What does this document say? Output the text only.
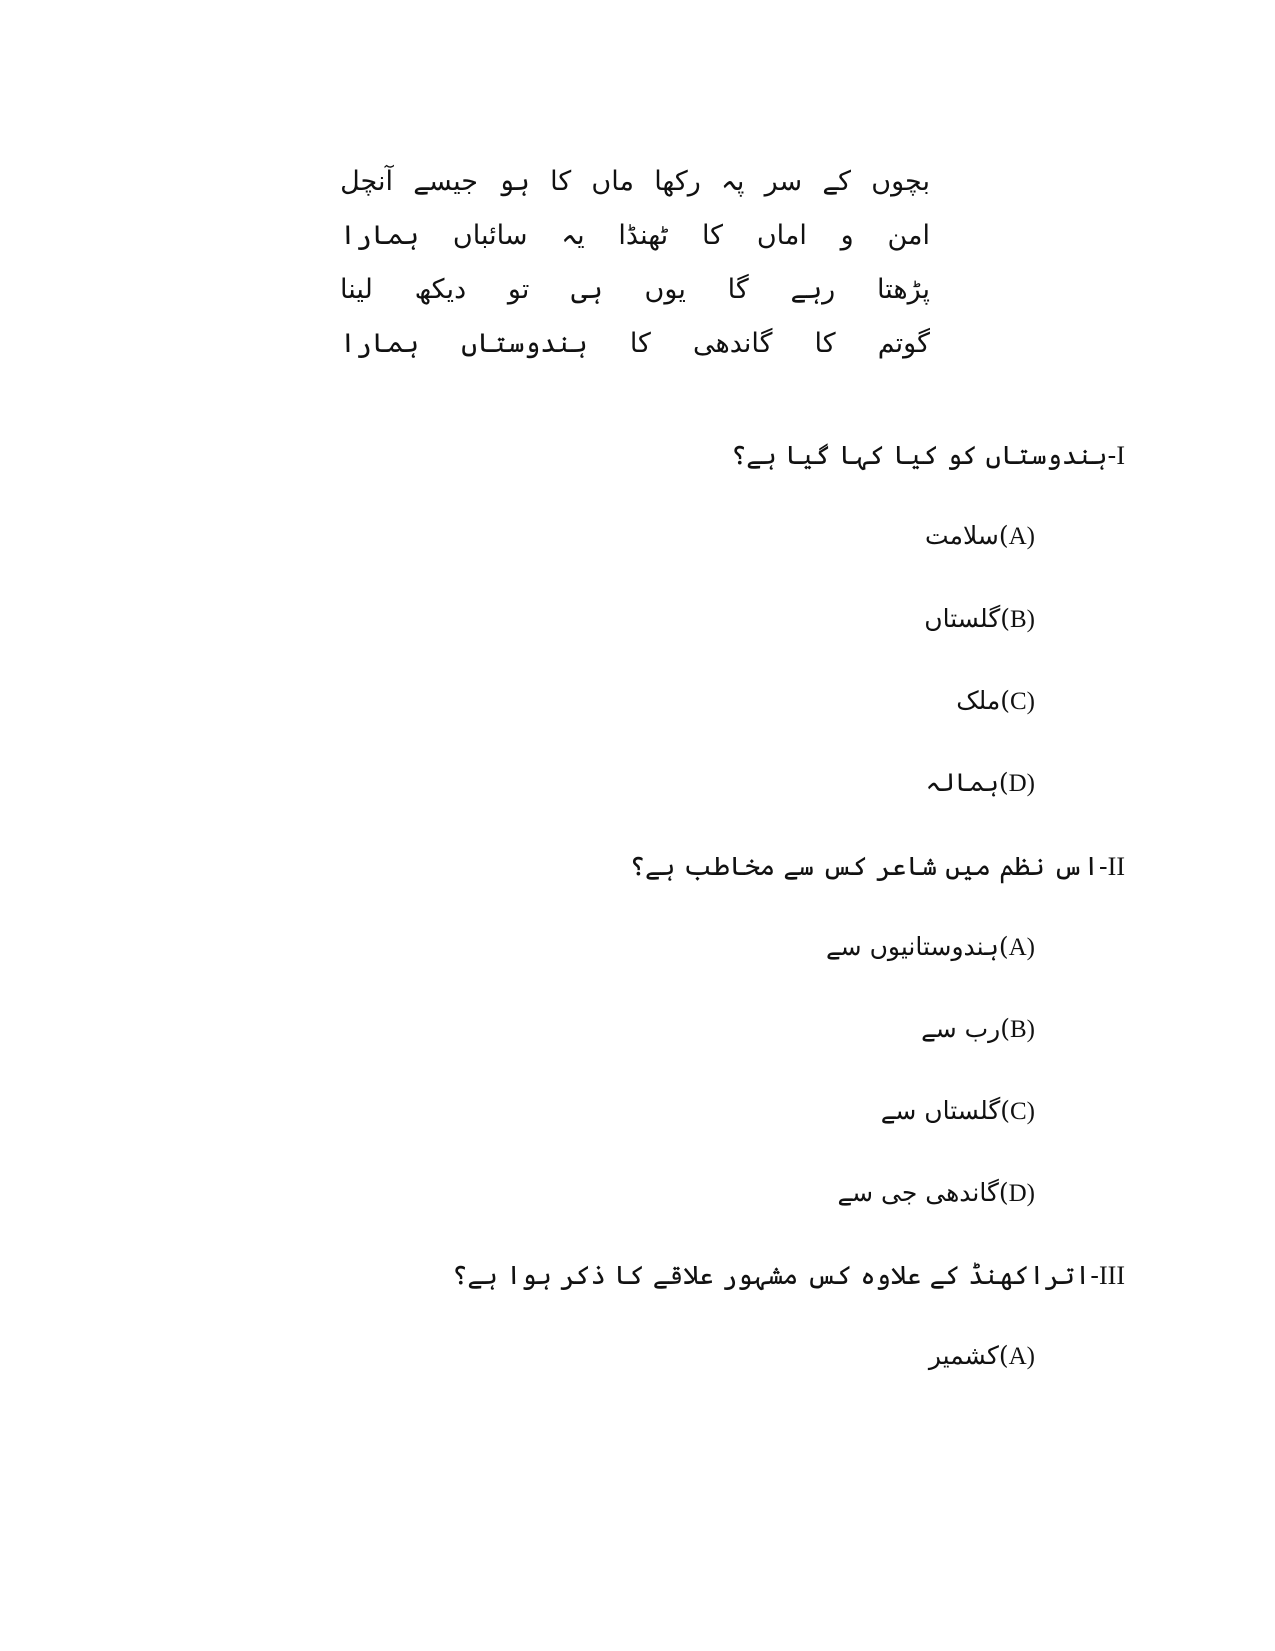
بچوں
کے
سر
پہ
رکھا
ماں
کا
ہو
جیسے
آنچل
امن
و
اماں
کا
ٹھنڈا
یہ
سائباں
ہمارا
پڑھتا
رہے
گا
یوں
ہی
تو
دیکھ
لینا
گوتم
کا
گاندھی
کا
ہندوستاں
ہمارا
I-ہندوستاں کو کیا کہا گیا ہے؟
A))سلامت
B))گلستاں
C))ملک
D))ہمالہ
II-اس نظم میں شاعر کس سے مخاطب ہے؟
A))ہندوستانیوں سے
B))رب سے
C))گلستاں سے
D))گاندھی جی سے
III-اتراکھنڈ کے علاوہ کس مشہور علاقے کا ذکر ہوا ہے؟
A))کشمیر
